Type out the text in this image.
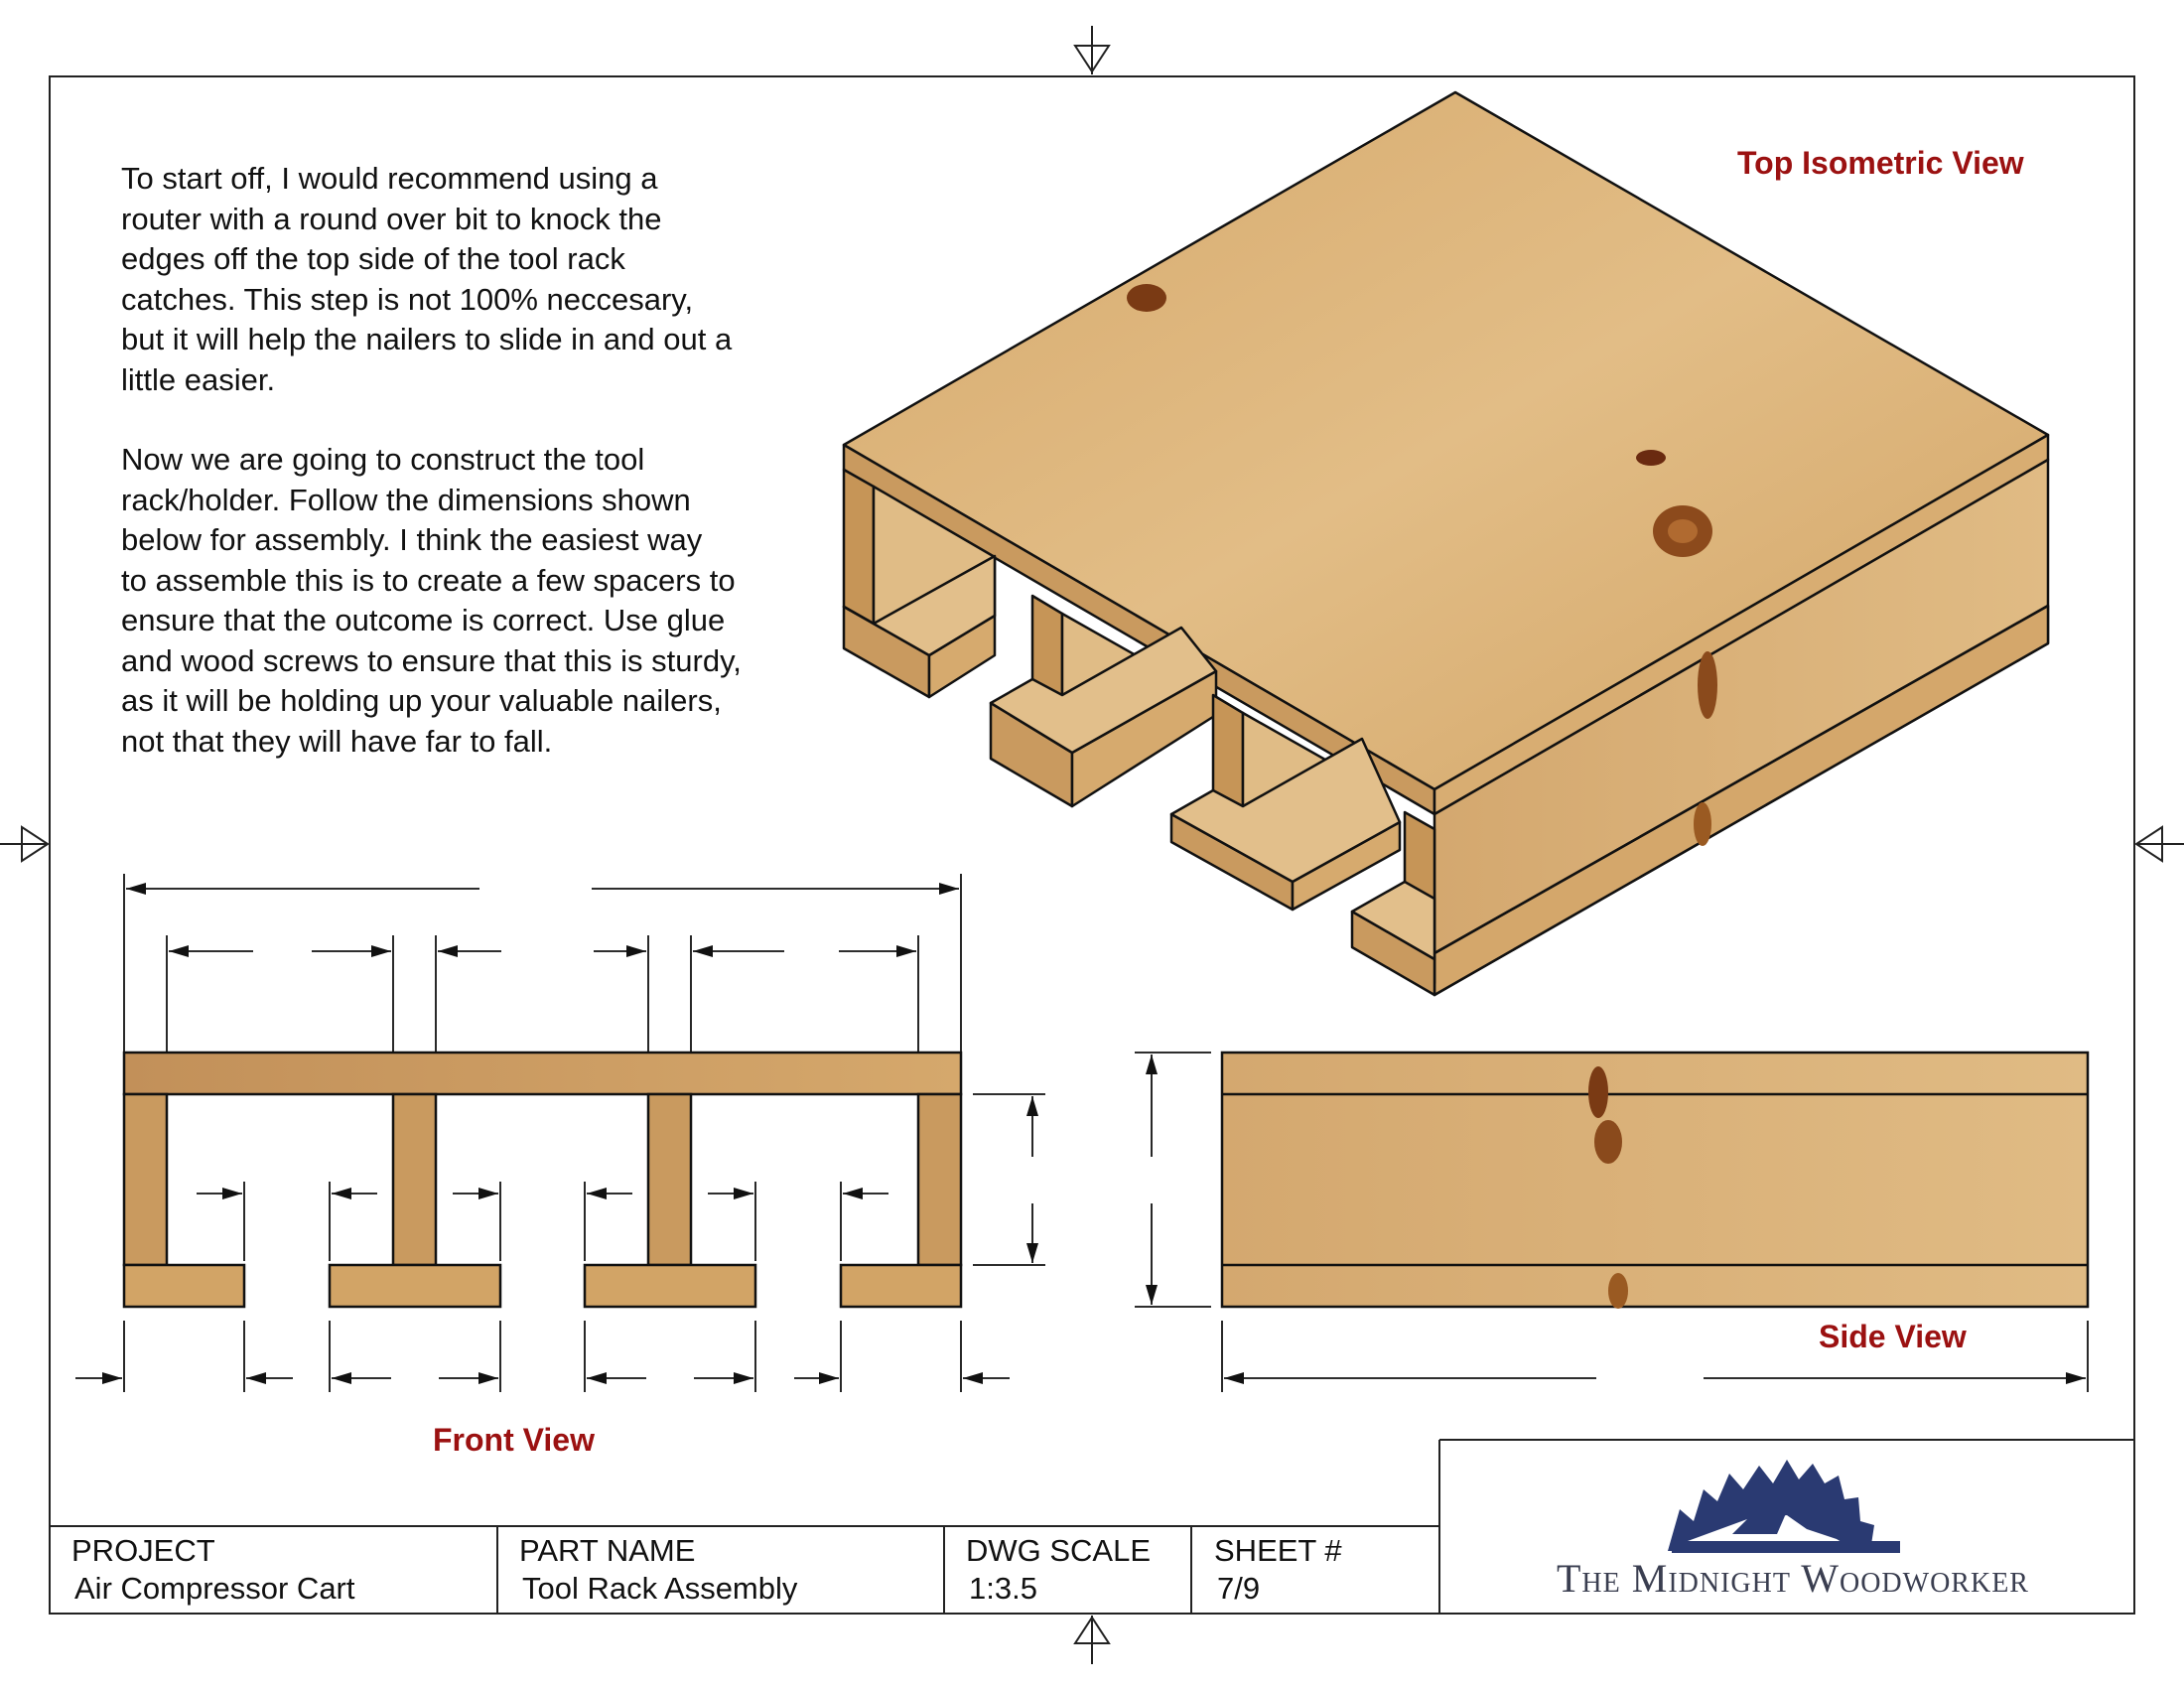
To start off, I would recommend using a
router with a round over bit to knock the
edges off the top side of the tool rack
catches. This step is not 100% neccesary,
but it will help the nailers to slide in and out a
little easier.

Now we are going to construct the tool
rack/holder. Follow the dimensions shown
below for assembly. I think the easiest way
to assemble this is to create a few spacers to
ensure that the outcome is correct. Use glue
and wood screws to ensure that this is sturdy,
as it will be holding up your valuable nailers,
not that they will have far to fall.

Top Isometric View
Front View
Side View
PROJECT
Air Compressor Cart
PART NAME
Tool Rack Assembly
DWG SCALE
1:3.5
SHEET #
7/9	The Midnight Woodworker
